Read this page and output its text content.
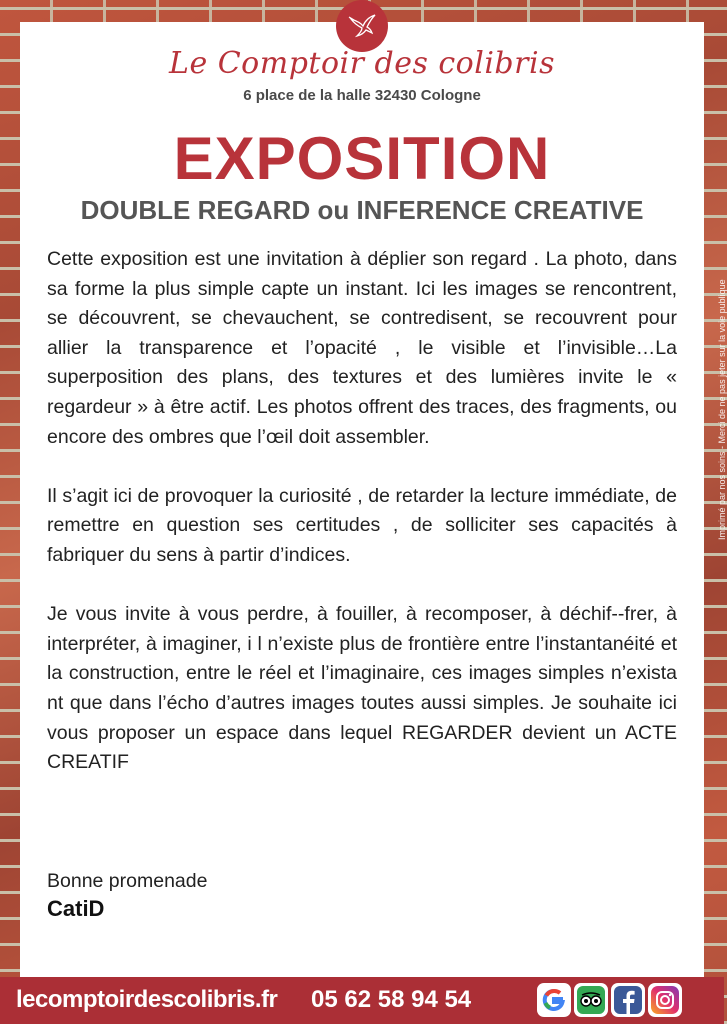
Le Comptoir des colibris
6 place de la halle 32430 Cologne
EXPOSITION
DOUBLE REGARD ou INFERENCE CREATIVE

Cette exposition est une invitation à déplier son regard . La photo, dans sa forme la plus simple capte un instant. Ici les images se rencontrent, se découvrent, se chevauchent, se contredisent, se recouvrent pour allier la transparence et l’opacité , le visible et l’invisible…La superposition des plans, des textures et des lumières invite le « regardeur » à être actif. Les photos offrent des traces, des fragments, ou encore des ombres que l’œil doit assembler.

Il s’agit ici de provoquer la curiosité , de retarder la lecture immédiate, de remettre en question ses certitudes , de solliciter ses capacités à fabriquer du sens à partir d’indices.

Je vous invite à vous perdre, à fouiller, à recomposer, à déchif--frer, à interpréter, à imaginer, i l n’existe plus de frontière entre l’instantanéité et la construction, entre le réel et l’imaginaire, ces images simples n’exista nt que dans l’écho d’autres images toutes aussi simples. Je souhaite ici vous proposer un espace dans lequel REGARDER devient un ACTE CREATIF

Bonne promenade
CatiD
Imprimé par nos soins - Merci de ne pas jeter sur la voie publique
lecomptoirdescolibris.fr 05 62 58 94 54
